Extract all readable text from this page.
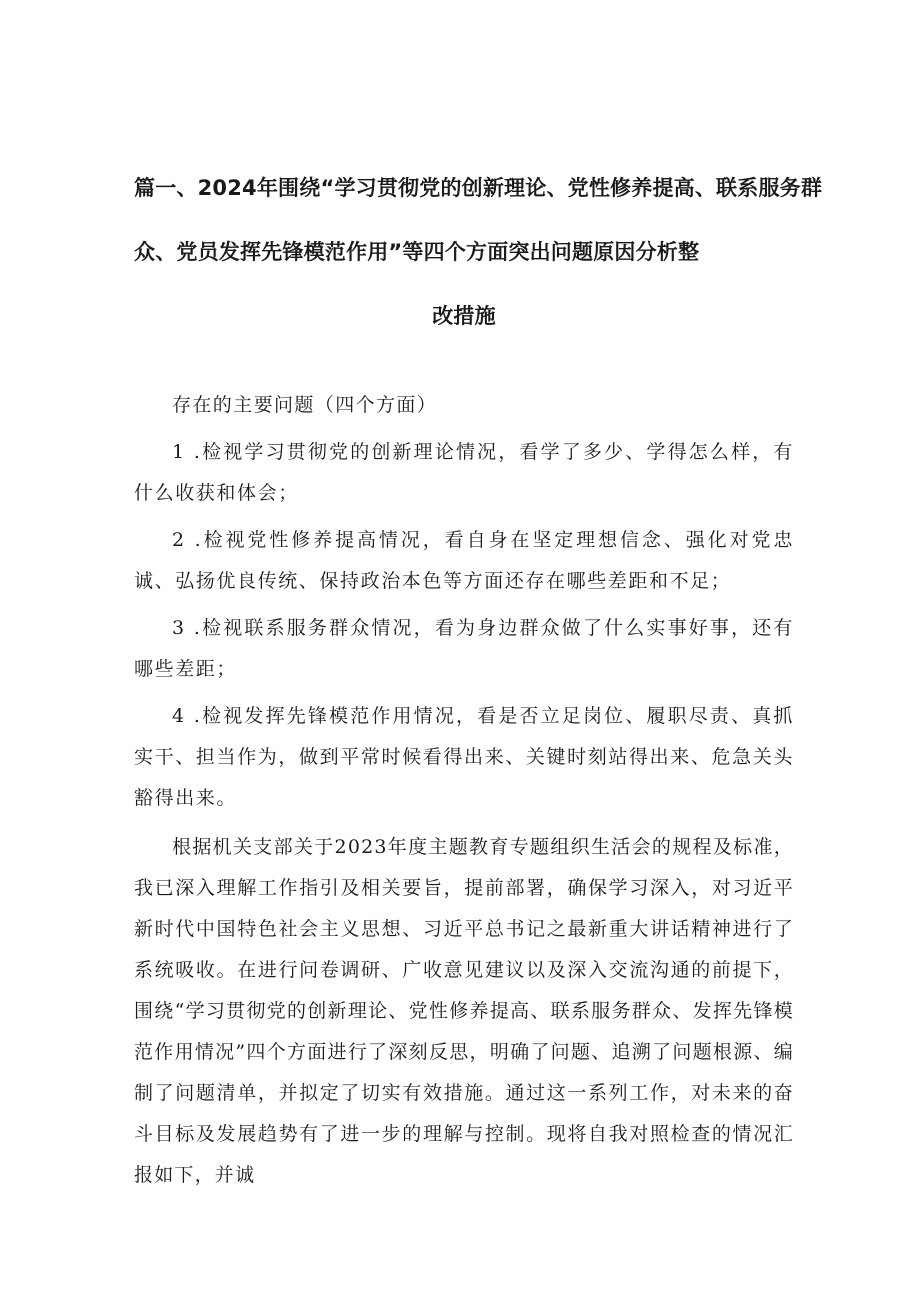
篇一、2024年围绕“学习贯彻党的创新理论、党性修养提高、联系服务群
众、党员发挥先锋模范作用”等四个方面突出问题原因分析整
改措施

存在的主要问题（四个方面）

1 .检视学习贯彻党的创新理论情况，看学了多少、学得怎么样，有什么收获和体会；

2 .检视党性修养提高情况，看自身在坚定理想信念、强化对党忠诚、弘扬优良传统、保持政治本色等方面还存在哪些差距和不足；

3 .检视联系服务群众情况，看为身边群众做了什么实事好事，还有哪些差距；

4 .检视发挥先锋模范作用情况，看是否立足岗位、履职尽责、真抓实干、担当作为，做到平常时候看得出来、关键时刻站得出来、危急关头豁得出来。

根据机关支部关于2023年度主题教育专题组织生活会的规程及标准，我已深入理解工作指引及相关要旨，提前部署，确保学习深入，对习近平新时代中国特色社会主义思想、习近平总书记之最新重大讲话精神进行了系统吸收。在进行问卷调研、广收意见建议以及深入交流沟通的前提下，围绕“学习贯彻党的创新理论、党性修养提高、联系服务群众、发挥先锋模范作用情况”四个方面进行了深刻反思，明确了问题、追溯了问题根源、编制了问题清单，并拟定了切实有效措施。通过这一系列工作，对未来的奋斗目标及发展趋势有了进一步的理解与控制。现将自我对照检查的情况汇报如下，并诚
